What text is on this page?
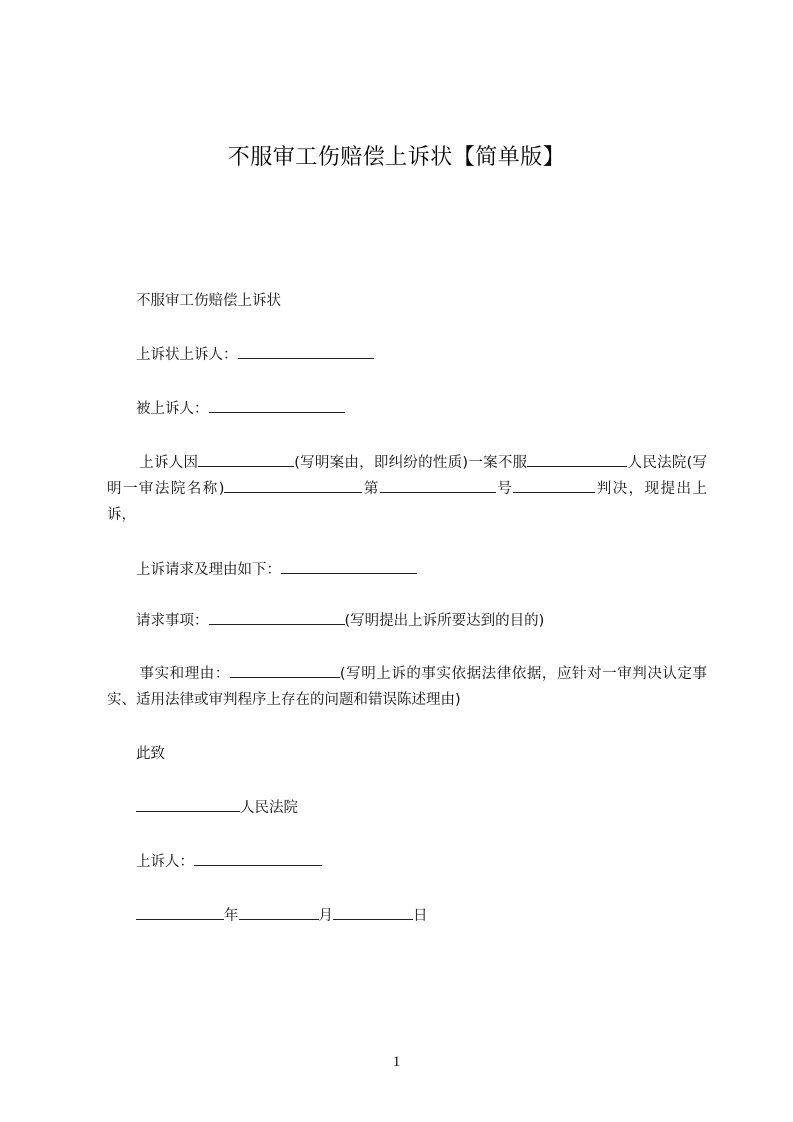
不服审工伤赔偿上诉状【简单版】
不服审工伤赔偿上诉状
上诉状上诉人：
被上诉人：
上诉人因	(写明案由，即纠纷的性质)一案不服	人民法院(写明一审法院名称)	第	号	判决，现提出上诉，
上诉请求及理由如下：
请求事项：	(写明提出上诉所要达到的目的)
事实和理由：	(写明上诉的事实依据法律依据，应针对一审判决认定事实、适用法律或审判程序上存在的问题和错误陈述理由)
此致
人民法院
上诉人：
年	月	日
1
